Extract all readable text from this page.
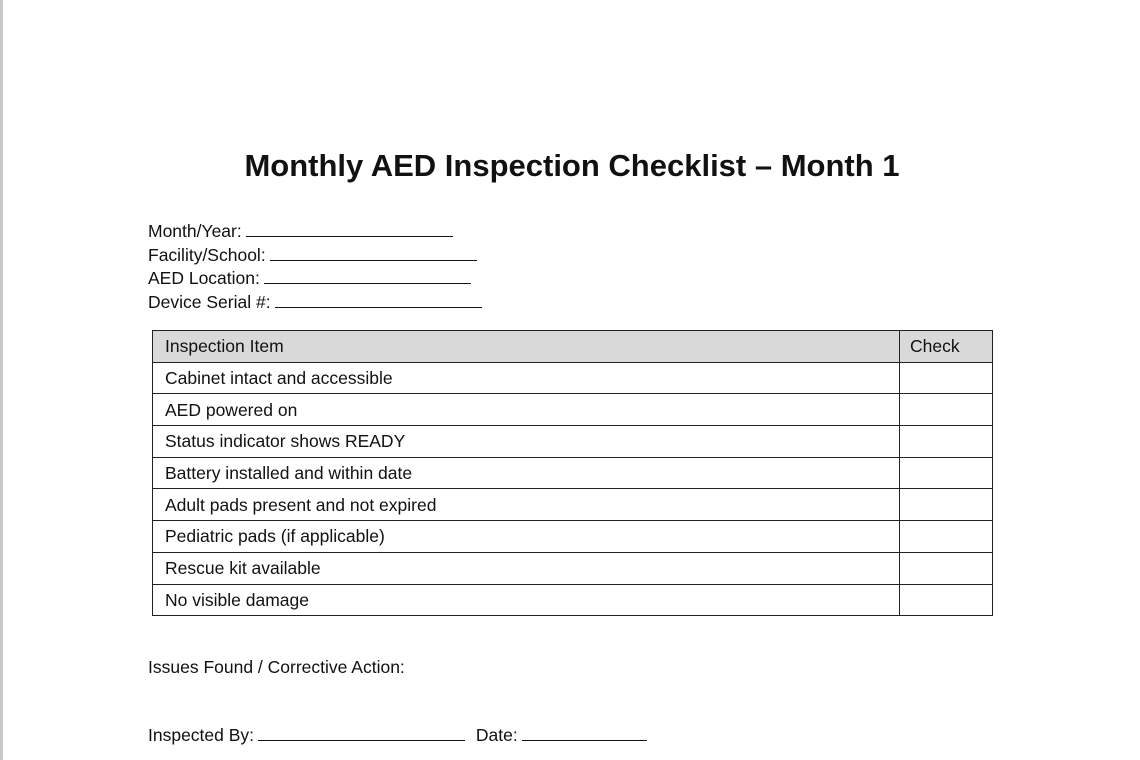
Monthly AED Inspection Checklist – Month 1
Month/Year:
Facility/School:
AED Location:
Device Serial #:
Inspection Item	Check
Cabinet intact and accessible	
AED powered on	
Status indicator shows READY	
Battery installed and within date	
Adult pads present and not expired	
Pediatric pads (if applicable)	
Rescue kit available	
No visible damage	
Issues Found / Corrective Action:
Inspected By:	Date:
